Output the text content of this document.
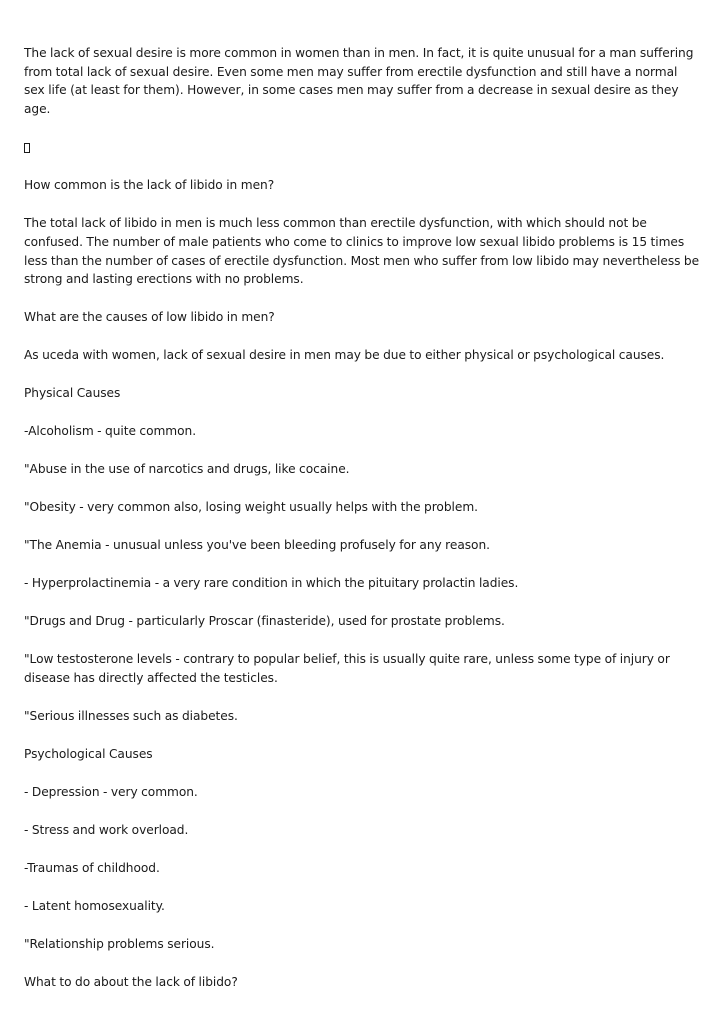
The lack of sexual desire is more common in women than in men. In fact, it is quite unusual for a man suffering from total lack of sexual desire. Even some men may suffer from erectile dysfunction and still have a normal sex life (at least for them). However, in some cases men may suffer from a decrease in sexual desire as they age.

How common is the lack of libido in men?

The total lack of libido in men is much less common than erectile dysfunction, with which should not be confused. The number of male patients who come to clinics to improve low sexual libido problems is 15 times less than the number of cases of erectile dysfunction. Most men who suffer from low libido may nevertheless be strong and lasting erections with no problems.

What are the causes of low libido in men?

As uceda with women, lack of sexual desire in men may be due to either physical or psychological causes.

Physical Causes

-Alcoholism - quite common.

"Abuse in the use of narcotics and drugs, like cocaine.

"Obesity - very common also, losing weight usually helps with the problem.

"The Anemia - unusual unless you've been bleeding profusely for any reason.

- Hyperprolactinemia - a very rare condition in which the pituitary prolactin ladies.

"Drugs and Drug - particularly Proscar (finasteride), used for prostate problems.

"Low testosterone levels - contrary to popular belief, this is usually quite rare, unless some type of injury or disease has directly affected the testicles.

"Serious illnesses such as diabetes.

Psychological Causes

- Depression - very common.

- Stress and work overload.

-Traumas of childhood.

- Latent homosexuality.

"Relationship problems serious.

What to do about the lack of libido?
